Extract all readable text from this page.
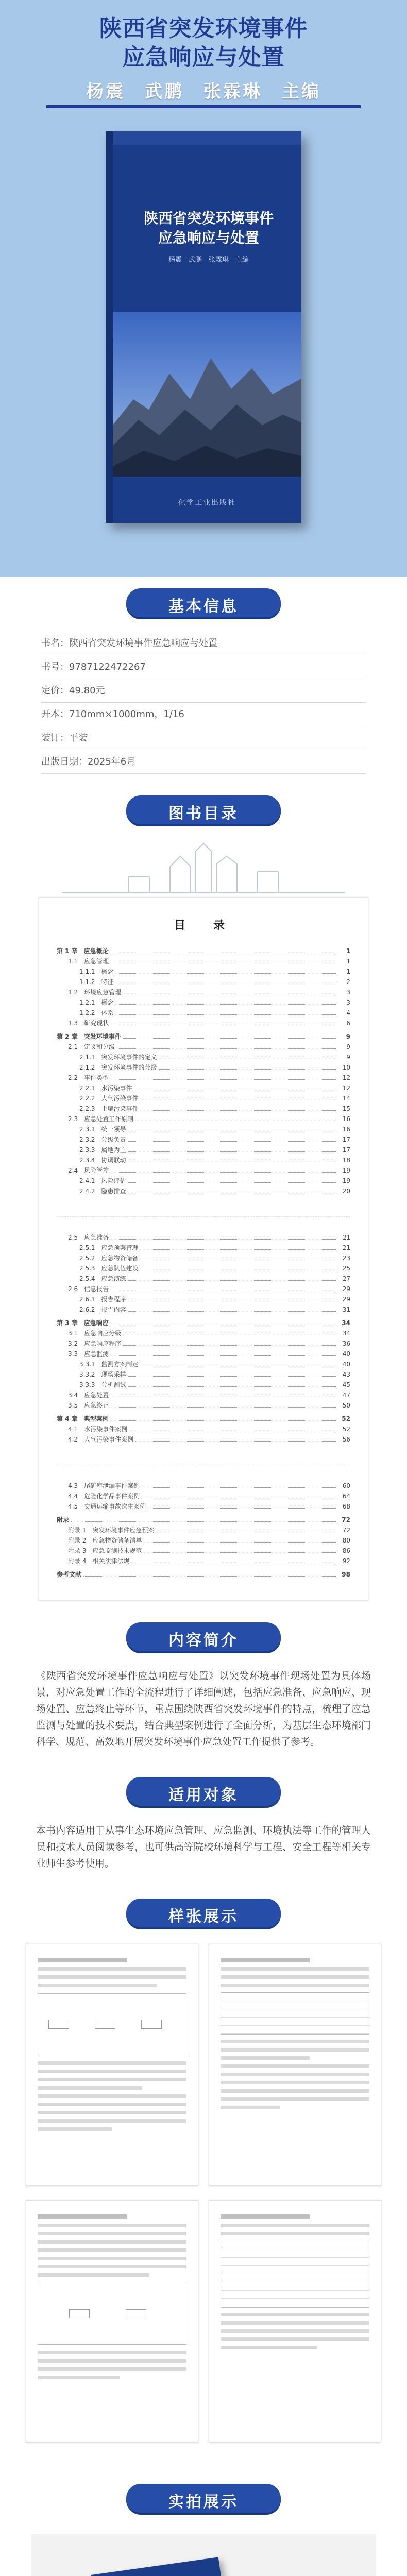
陕西省突发环境事件
应急响应与处置
杨震　武鹏　张霖琳　主编
陕西省突发环境事件
应急响应与处置
杨震　武鹏　张霖琳　主编
化学工业出版社
基本信息
书名：陕西省突发环境事件应急响应与处置
书号：9787122472267
定价：49.80元
开本：710mm×1000mm，1/16
装订：平装
出版日期：2025年6月
图书目录
目　录
第 1 章　应急概论	1
1.1　应急管理	1
1.1.1　概念	1
1.1.2　特征	2
1.2　环境应急管理	3
1.2.1　概念	3
1.2.2　体系	4
1.3　研究现状	6
第 2 章　突发环境事件	9
2.1　定义和分级	9
2.1.1　突发环境事件的定义	9
2.1.2　突发环境事件的分级	10
2.2　事件类型	12
2.2.1　水污染事件	12
2.2.2　大气污染事件	14
2.2.3　土壤污染事件	15
2.3　应急处置工作原则	16
2.3.1　统一领导	16
2.3.2　分级负责	17
2.3.3　属地为主	17
2.3.4　协调联动	18
2.4　风险管控	19
2.4.1　风险评估	19
2.4.2　隐患排查	20
2.5　应急准备	21
2.5.1　应急预案管理	21
2.5.2　应急物资储备	23
2.5.3　应急队伍建设	25
2.5.4　应急演练	27
2.6　信息报告	29
2.6.1　报告程序	29
2.6.2　报告内容	31
第 3 章　应急响应	34
3.1　应急响应分级	34
3.2　应急响应程序	36
3.3　应急监测	40
3.3.1　监测方案制定	40
3.3.2　现场采样	43
3.3.3　分析测试	45
3.4　应急处置	47
3.5　应急终止	50
第 4 章　典型案例	52
4.1　水污染事件案例	52
4.2　大气污染事件案例	56
4.3　尾矿库泄漏事件案例	60
4.4　危险化学品事件案例	64
4.5　交通运输事故次生案例	68
附录	72
附录 1　突发环境事件应急预案	72
附录 2　应急物资储备清单	80
附录 3　应急监测技术规范	86
附录 4　相关法律法规	92
参考文献	98
内容简介
《陕西省突发环境事件应急响应与处置》以突发环境事件现场处置为具体场景，对应急处置工作的全流程进行了详细阐述，包括应急准备、应急响应、现场处置、应急终止等环节，重点围绕陕西省突发环境事件的特点，梳理了应急监测与处置的技术要点，结合典型案例进行了全面分析，为基层生态环境部门科学、规范、高效地开展突发环境事件应急处置工作提供了参考。
适用对象
本书内容适用于从事生态环境应急管理、应急监测、环境执法等工作的管理人员和技术人员阅读参考，也可供高等院校环境科学与工程、安全工程等相关专业师生参考使用。
样张展示
实拍展示
